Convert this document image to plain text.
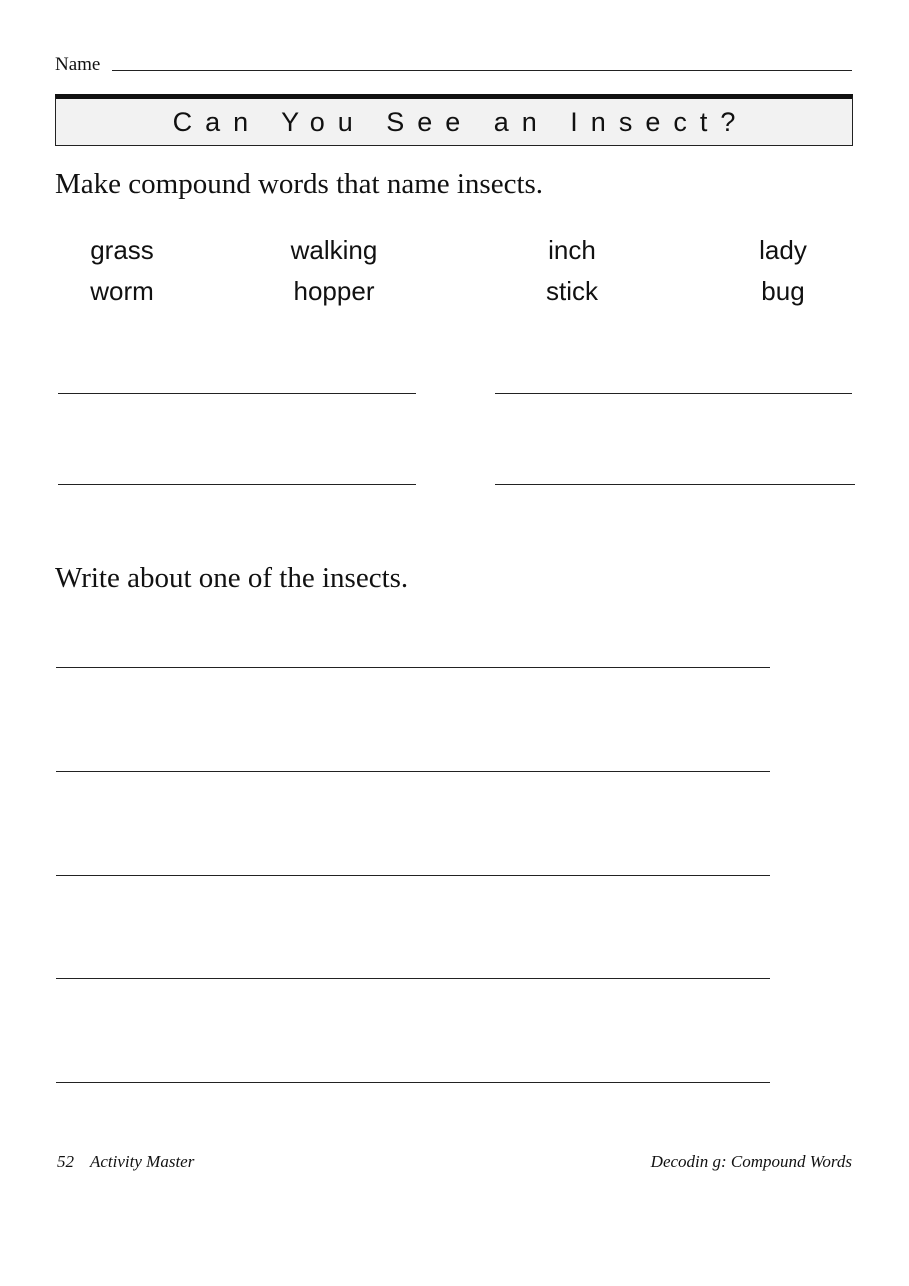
Name
Can You See an Insect?
Make compound words that name insects.
grass	walking	inch	lady
worm	hopper	stick	bug
Write about one of the insects.
52 Activity Master	Decodin g: Compound Words
